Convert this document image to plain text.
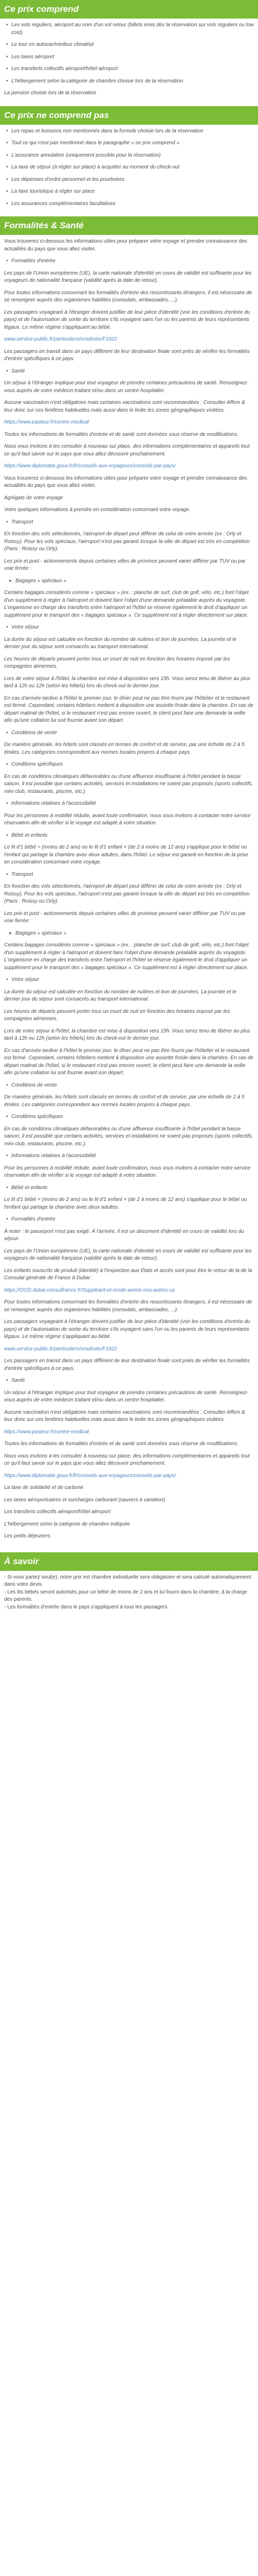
Ce prix comprend
• Les vols réguliers, aéroport au nom d'un vol retour (billets émis dès la réservation sur vols réguliers ou low cost)
• Le tour en autocar/minibus climatisé
• Les taxes aéroport
• Les transferts collectifs aéroport/hôtel aéroport
• L'hébergement selon la catégorie de chambre choisie lors de la réservation
La pension choisie lors de la réservation
Ce prix ne comprend pas
• Les repas et boissons non mentionnés dans la formule choisie lors de la réservation
• Tout ce qui n'est pas mentionné dans le paragraphe « ce prix comprend »
• L'assurance annulation (uniquement possible pour la réservation)
• La taxe de séjour (à régler sur place) à acquitter au moment du check-out
• Les dépenses d'ordre personnel et les pourboires
• La taxe touristique à régler sur place
• Les assurances complémentaires facultatives
Formalités & Santé
Vous trouverez ci-dessous les informations utiles pour préparer votre voyage et prendre connaissance des actualités du pays que vous allez visiter.
• Formalités d'entrée
Les pays de l'Union européenne (UE), la carte nationale d'identité en cours de validité est suffisante pour les voyageurs de nationalité française (validité après la date de retour).
Pour toutes informations concernant les formalités d'entrée des ressortissants étrangers, il est nécessaire de se renseigner auprès des organismes habilités (consulats, ambassades, ...).
Les passagers voyageant à l'étranger doivent justifier de leur pièce d'identité (voir les conditions d'entrée du pays) et de l'autorisation de sortie du territoire s'ils voyagent sans l'un ou les parents de leurs représentants légaux. Le même régime s'appliquant au bébé.
www.service-public.fr/particuliers/vosdroits/F1922
Les passagers en transit dans un pays différent de leur destination finale sont priés de vérifier les formalités d'entrée spécifiques à ce pays.
• Santé
Un séjour à l'étranger implique pour tout voyageur de prendre certaines précautions de santé. Renseignez-vous auprès de votre médecin traitant et/ou dans un centre hospitalier.
Aucune vaccination n'est obligatoire mais certaines vaccinations sont recommandées : Consulter Affirm & leur donc sur ces fenêtres habituelles mais aussi dans le boite les zones géographiques visitées.
https://www.pasteur.fr/centre-medical
Toutes les informations de formalités d'entrée et de santé sont données sous réserve de modifications.
Nous vous invitons à les consulter à nouveau sur place, des informations complémentaires et appareils tout ce qu'il faut savoir sur le pays que vous allez découvrir prochainement.
https://www.diplomatie.gouv.fr/fr/conseils-aux-voyageurs/conseils-par-pays/
Vous trouverez ci-dessous les informations utiles pour préparer votre voyage et prendre connaissance des actualités du pays que vous allez visiter.
Agrégats de votre voyage
Votre quelques informations à prendre en considération concernant votre voyage.
• Transport
En fonction des vols sélectionnés, l'aéroport de départ peut différer de celui de votre arrivée (ex : Orly et Roissy). Pour les vols spéciaux, l'aéroport n'est pas garanti lorsque la ville de départ est très en compétition (Paris : Roissy ou Orly).
Les prix et post - actionnements depuis certaines villes de province peuvent varier différer par TUV ou par voie ferrée :
▸ Bagages « spéciaux »
Certains bagages considérés comme « spéciaux » (ex. : planche de surf, club de golf, vélo, etc.) font l'objet d'un supplément à régler à l'aéroport et doivent faire l'objet d'une demande préalable auprès du voyagiste. L'organisme en charge des transferts entre l'aéroport et l'hôtel se réserve également le droit d'appliquer un supplément pour le transport des « bagages spéciaux ». Ce supplément est à régler directement sur place.
• Votre séjour
La durée du séjour est calculée en fonction du nombre de nuitées et bon de journées. La journée et le dernier jour du séjour sont consacrés au transport international.
Les heures de départs peuvent porter tous un court de nuit en fonction des horaires imposé par les compagnies aériennes.
Lors de votre séjour à l'hôtel, la chambre est mise à disposition vers 15h. Vous serez tenu de libérer au plus tard à 12h ou 12h (selon les hôtels) lors du check-out le dernier jour.
En cas d'arrivée tardive à l'hôtel le premier jour, le dîner peut ne pas être fourni par l'hôtelier et le restaurant est fermé. Cependant, certains hôteliers mettent à disposition une assiette froide dans la chambre. En cas de départ matinal de l'hôtel, si le restaurant n'est pas encore ouvert, le client peut faire une demande la veille afin qu'une collation lui soit fournie avant son départ.
• Conditions de vente
De manière générale, les hôtels sont classés en termes de confort et de service, par une échelle de 2 à 5 étoiles. Les catégories correspondent aux normes locales propres à chaque pays.
• Conditions spécifiques
En cas de conditions climatiques défavorables ou d'une affluence insuffisante à l'hôtel pendant la basse saison, il est possible que certains activités, services et installations ne soient pas proposés (sports collectifs, mini club, restaurants, piscine, etc.).
• Informations relatives à l'accessibilité
Pour les personnes à mobilité réduite, avant toute confirmation, nous vous invitons à contacter notre service réservation afin de vérifier si le voyage est adapté à votre situation.
• Bébé et enfants
Le lit d'1 bébé = (moins de 2 ans) ou le lit d'1 enfant = (de 2 à moins de 12 ans) s'applique pour le bébé ou l'enfant qui partage la chambre avec deux adultes, dans l'hôtel. Le séjour est garanti en fonction de la prise en considération concernant votre voyage.
• Transport
En fonction des vols sélectionnés, l'aéroport de départ peut différer de celui de votre arrivée (ex : Orly et Roissy). Pour les vols spéciaux, l'aéroport n'est pas garanti lorsque la ville de départ est très en compétition (Paris : Roissy ou Orly).
Les prix et post - actionnements depuis certaines villes de province peuvent varier différer par TUV ou par voie ferrée :
▸ Bagages « spéciaux »
Certains bagages considérés comme « spéciaux » (ex. : planche de surf, club de golf, vélo, etc.) font l'objet d'un supplément à régler à l'aéroport et doivent faire l'objet d'une demande préalable auprès du voyagiste. L'organisme en charge des transferts entre l'aéroport et l'hôtel se réserve également le droit d'appliquer un supplément pour le transport des « bagages spéciaux ». Ce supplément est à régler directement sur place.
• Votre séjour
La durée du séjour est calculée en fonction du nombre de nuitées et bon de journées. La journée et le dernier jour du séjour sont consacrés au transport international.
Les heures de départs peuvent porter tous un court de nuit en fonction des horaires imposé par les compagnies aériennes.
Lors de votre séjour à l'hôtel, la chambre est mise à disposition vers 15h. Vous serez tenu de libérer au plus tard à 12h ou 12h (selon les hôtels) lors du check-out le dernier jour.
En cas d'arrivée tardive à l'hôtel le premier jour, le dîner peut ne pas être fourni par l'hôtelier et le restaurant est fermé. Cependant, certains hôteliers mettent à disposition une assiette froide dans la chambre. En cas de départ matinal de l'hôtel, si le restaurant n'est pas encore ouvert, le client peut faire une demande la veille afin qu'une collation lui soit fournie avant son départ.
• Conditions de vente
De manière générale, les hôtels sont classés en termes de confort et de service, par une échelle de 2 à 5 étoiles. Les catégories correspondent aux normes locales propres à chaque pays.
• Conditions spécifiques
En cas de conditions climatiques défavorables ou d'une affluence insuffisante à l'hôtel pendant la basse saison, il est possible que certains activités, services et installations ne soient pas proposés (sports collectifs, mini club, restaurants, piscine, etc.).
• Informations relatives à l'accessibilité
Pour les personnes à mobilité réduite, avant toute confirmation, nous vous invitons à contacter notre service réservation afin de vérifier si le voyage est adapté à votre situation.
• Bébé et enfants
Le lit d'1 bébé = (moins de 2 ans) ou le lit d'1 enfant = (de 2 à moins de 12 ans) s'applique pour le bébé ou l'enfant qui partage la chambre avec deux adultes.
• Formalités d'entrée
À noter : le passeport n'est pas exigé. À l'arrivée, il est un document d'identité en cours de validité lors du séjour.
Les pays de l'Union européenne (UE), la carte nationale d'identité en cours de validité est suffisante pour les voyageurs de nationalité française (validité après la date de retour).
Les enfants souscrits de produit (identité) à l'inspection aux États et accès sont pour être le retour de la de la Consulat générale de France à Dubai :
https://OOD.dubai.consulfrance.fr/Suppléant-et-mode-avenir-nos-autres-us
Pour toutes informations concernant les formalités d'entrée des ressortissants étrangers, il est nécessaire de se renseigner auprès des organismes habilités (consulats, ambassades, ...).
Les passagers voyageant à l'étranger doivent justifier de leur pièce d'identité (voir les conditions d'entrée du pays) et de l'autorisation de sortie du territoire s'ils voyagent sans l'un ou les parents de leurs représentants légaux. Le même régime s'appliquant au bébé.
www.service-public.fr/particuliers/vosdroits/F1922
Les passagers en transit dans un pays différent de leur destination finale sont priés de vérifier les formalités d'entrée spécifiques à ce pays.
• Santé
Un séjour à l'étranger implique pour tout voyageur de prendre certaines précautions de santé. Renseignez-vous auprès de votre médecin traitant et/ou dans un centre hospitalier.
Aucune vaccination n'est obligatoire mais certaines vaccinations sont recommandées : Consulter Affirm & leur donc sur ces fenêtres habituelles mais aussi dans le boite les zones géographiques visitées.
https://www.pasteur.fr/centre-medical
Toutes les informations de formalités d'entrée et de santé sont données sous réserve de modifications.
Nous vous invitons à les consulter à nouveau sur place, des informations complémentaires et appareils tout ce qu'il faut savoir sur le pays que vous allez découvrir prochainement.
https://www.diplomatie.gouv.fr/fr/conseils-aux-voyageurs/conseils-par-pays/
La taxe de solidarité et de carbone
Les taxes aéroportuaires et surcharges carburant (sauvers à variation)
Les transferts collectifs aéroport/hôtel aéroport
L'hébergement selon la catégorie de chambre indiquée
Les petits déjeuners
À savoir
- Si vous partez seul(e), notre prix est chambre individuelle sera obligatoire et sera calculé automatiquement dans votre devis.
- Les lits bébés seront autorisés pour un bébé de moins de 2 ans et lui fourni dans la chambre, à la charge des parents.
- Les formalités d'entrée dans le pays s'appliquent à tous les passagers.
